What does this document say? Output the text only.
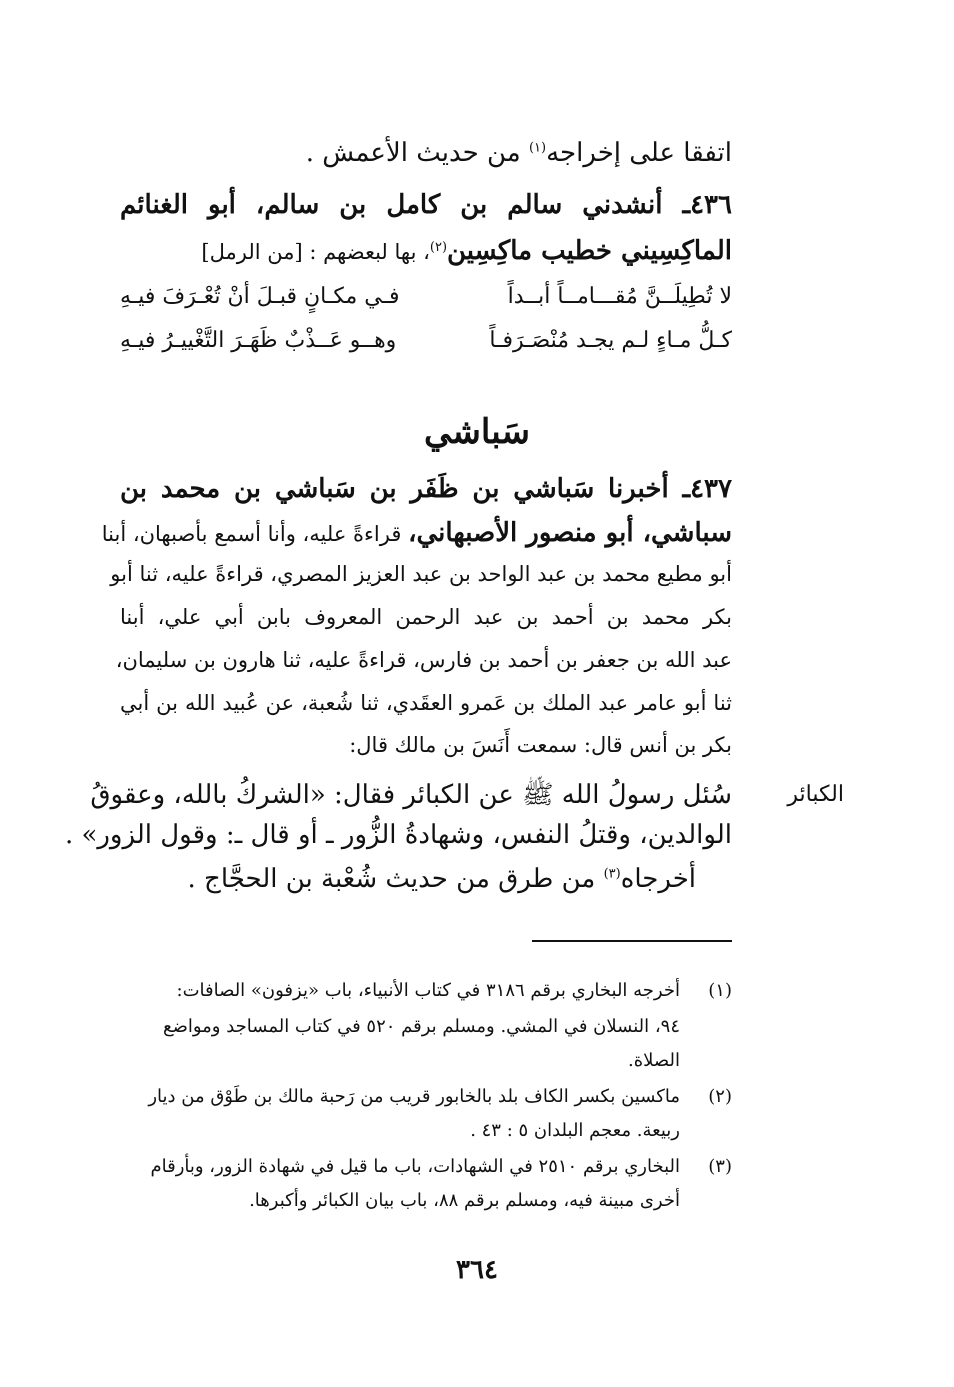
اتفقا على إخراجه$^{(١)}$ من حديث الأعمش .
٤٣٦ـ أنشدني سالم بن كامل بن سالم، أبو الغنائم
الماكِسِيني خطيب ماكِسِين$^{(٢)}$، بها لبعضهم : [من الرمل]
لا تُطِيلَــنَّ مُقـــامــاً أبــداً
فـي مكـانٍ قبـلَ أنْ تُعْـرَفَ فيـهِ
كـلُّ مـاءٍ لـم يجـد مُنْصَـرَفـاً
وهــو عَــذْبٌ ظَهَـرَ التَّغْييـرُ فيـهِ
سَباشي
٤٣٧ـ أخبرنا سَباشي بن ظَفَر بن سَباشي بن محمد بن
سباشي، أبو منصور الأصبهاني، قراءةً عليه، وأنا أسمع بأصبهان، أبنا
أبو مطيع محمد بن عبد الواحد بن عبد العزيز المصري، قراءةً عليه، ثنا أبو
بكر محمد بن أحمد بن عبد الرحمن المعروف بابن أبي علي، أبنا
عبد الله بن جعفر بن أحمد بن فارس، قراءةً عليه، ثنا هارون بن سليمان،
ثنا أبو عامر عبد الملك بن عَمرو العقَدي، ثنا شُعبة، عن عُبيد الله بن أبي
بكر بن أنس قال: سمعت أَنَسَ بن مالك قال:
سُئل رسولُ الله ﷺ عن الكبائر فقال: «الشركُ بالله، وعقوقُ
الوالدين، وقتلُ النفس، وشهادةُ الزُّور ـ أو قال ـ: وقول الزور» .
أخرجاه$^{(٣)}$ من طرق من حديث شُعْبة بن الحجَّاج .
الكبائر
(١)
أخرجه البخاري برقم ٣١٨٦ في كتاب الأنبياء، باب «يزفون» الصافات:
٩٤، النسلان في المشي. ومسلم برقم ٥٢٠ في كتاب المساجد ومواضع
الصلاة.
(٢)
ماكسين بكسر الكاف بلد بالخابور قريب من رَحبة مالك بن طَوْق من ديار
ربيعة. معجم البلدان ٥ : ٤٣ .
(٣)
البخاري برقم ٢٥١٠ في الشهادات، باب ما قيل في شهادة الزور، وبأرقام
أخرى مبينة فيه، ومسلم برقم ٨٨، باب بيان الكبائر وأكبرها.
٣٦٤
